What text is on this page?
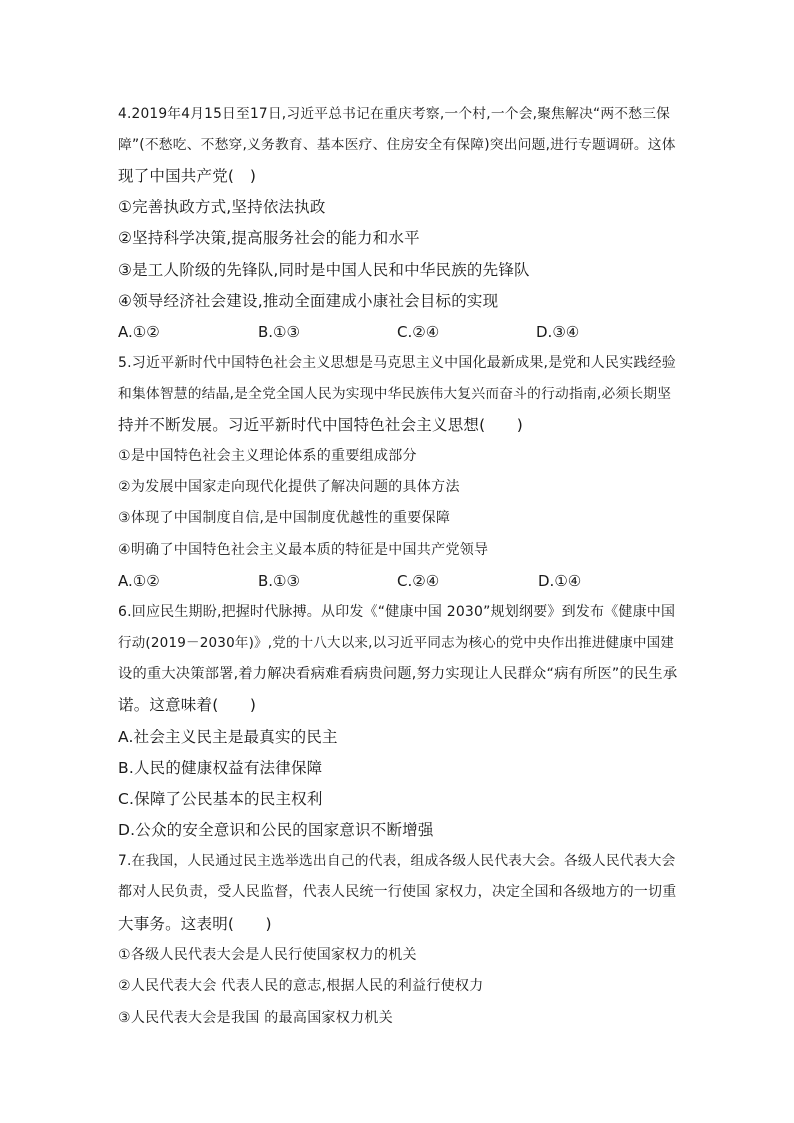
4.2019年4月15日至17日,习近平总书记在重庆考察,一个村,一个会,聚焦解决“两不愁三保
障”(不愁吃、不愁穿,义务教育、基本医疗、住房安全有保障)突出问题,进行专题调研。这体
现了中国共产党(　)
①完善执政方式,坚持依法执政
②坚持科学决策,提高服务社会的能力和水平
③是工人阶级的先锋队,同时是中国人民和中华民族的先锋队
④领导经济社会建设,推动全面建成小康社会目标的实现
A.①②	B.①③	C.②④	D.③④
5.习近平新时代中国特色社会主义思想是马克思主义中国化最新成果,是党和人民实践经验
和集体智慧的结晶,是全党全国人民为实现中华民族伟大复兴而奋斗的行动指南,必须长期坚
持并不断发展。习近平新时代中国特色社会主义思想(　　)
①是中国特色社会主义理论体系的重要组成部分
②为发展中国家走向现代化提供了解决问题的具体方法
③体现了中国制度自信,是中国制度优越性的重要保障
④明确了中国特色社会主义最本质的特征是中国共产党领导
A.①②	B.①③	C.②④	D.①④
6.回应民生期盼,把握时代脉搏。从印发《“健康中国 2030”规划纲要》到发布《健康中国
行动(2019－2030年)》,党的十八大以来,以习近平同志为核心的党中央作出推进健康中国建
设的重大决策部署,着力解决看病难看病贵问题,努力实现让人民群众“病有所医”的民生承
诺。这意味着(　　)
A.社会主义民主是最真实的民主
B.人民的健康权益有法律保障
C.保障了公民基本的民主权利
D.公众的安全意识和公民的国家意识不断增强
7.在我国，人民通过民主选举选出自己的代表，组成各级人民代表大会。各级人民代表大会
都对人民负责，受人民监督，代表人民统一行使国 家权力，决定全国和各级地方的一切重
大事务。这表明(　　)
①各级人民代表大会是人民行使国家权力的机关
②人民代表大会 代表人民的意志,根据人民的利益行使权力
③人民代表大会是我国 的最高国家权力机关
